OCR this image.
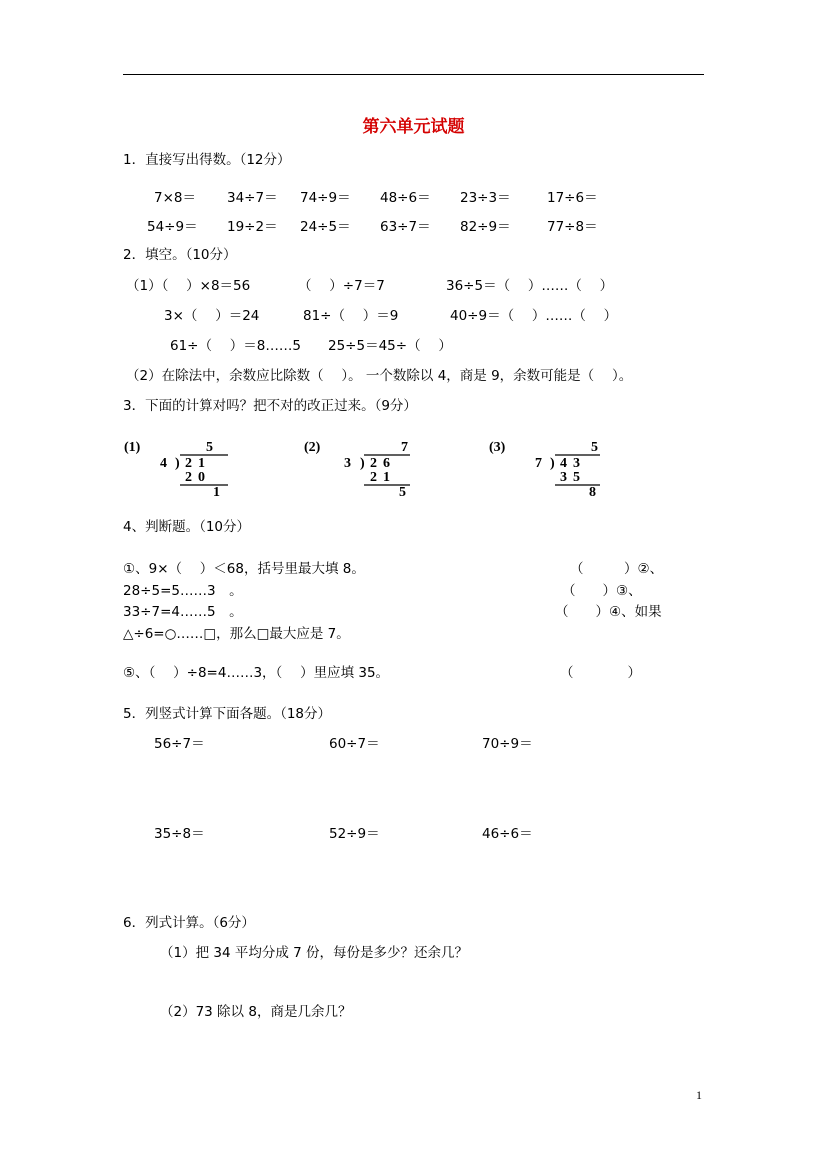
第六单元试题
1．直接写出得数。（12分）
7×8＝ 34÷7＝ 74÷9＝ 48÷6＝ 23÷3＝	17÷6＝
54÷9＝ 19÷2＝ 24÷5＝ 63÷7＝ 82÷9＝	77÷8＝
2．填空。（10分）
（1）（　 ）×8＝56	（　 ）÷7＝7	36÷5＝（　 ）……（　 ）
3×（　 ）＝24	81÷（　 ）＝9	40÷9＝（　 ）……（　 ）
61÷（　 ）＝8……5 25÷5＝45÷（　 ）
（2）在除法中，余数应比除数（　 ）。 一个数除以 4，商是 9，余数可能是（　 ）。
3．下面的计算对吗？把不对的改正过来。（9分）
(1)	5
4 ) 21
20
1
(2)	7
3 ) 26
21
5
(3)	5
7 ) 43
35
8
4、判断题。（10分）
①、9×（　 ）＜68，括号里最大填 8。	（　　　）②、
28÷5=5……3　。	（　　）③、
33÷7=4……5　。	（　　）④、如果
△÷6=○……□，那么□最大应是 7。
⑤、（　 ）÷8=4……3，（　 ）里应填 35。	（　　　　）
5．列竖式计算下面各题。（18分）
56÷7＝	60÷7＝	70÷9＝
35÷8＝	52÷9＝	46÷6＝
6．列式计算。（6分）
（1）把 34 平均分成 7 份，每份是多少？还余几？
（2）73 除以 8，商是几余几？
1
